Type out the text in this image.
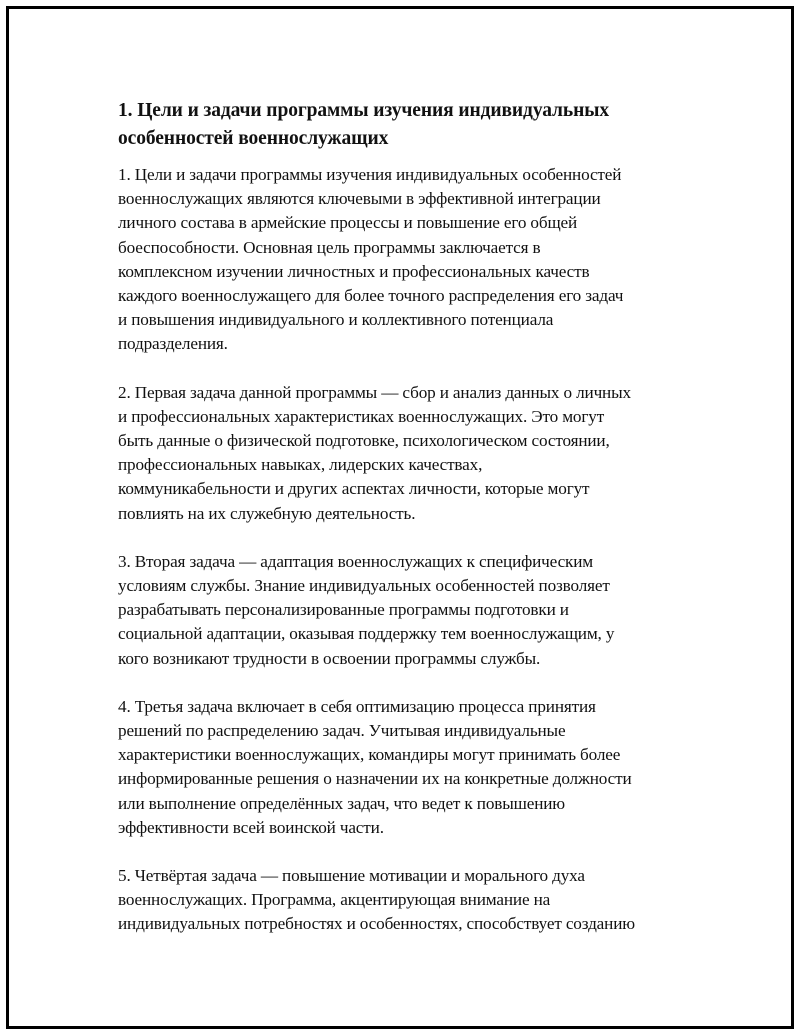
1. Цели и задачи программы изучения индивидуальных
особенностей военнослужащих

1. Цели и задачи программы изучения индивидуальных особенностей
военнослужащих являются ключевыми в эффективной интеграции
личного состава в армейские процессы и повышение его общей
боеспособности. Основная цель программы заключается в
комплексном изучении личностных и профессиональных качеств
каждого военнослужащего для более точного распределения его задач
и повышения индивидуального и коллективного потенциала
подразделения.

2. Первая задача данной программы — сбор и анализ данных о личных
и профессиональных характеристиках военнослужащих. Это могут
быть данные о физической подготовке, психологическом состоянии,
профессиональных навыках, лидерских качествах,
коммуникабельности и других аспектах личности, которые могут
повлиять на их служебную деятельность.

3. Вторая задача — адаптация военнослужащих к специфическим
условиям службы. Знание индивидуальных особенностей позволяет
разрабатывать персонализированные программы подготовки и
социальной адаптации, оказывая поддержку тем военнослужащим, у
кого возникают трудности в освоении программы службы.

4. Третья задача включает в себя оптимизацию процесса принятия
решений по распределению задач. Учитывая индивидуальные
характеристики военнослужащих, командиры могут принимать более
информированные решения о назначении их на конкретные должности
или выполнение определённых задач, что ведет к повышению
эффективности всей воинской части.

5. Четвёртая задача — повышение мотивации и морального духа
военнослужащих. Программа, акцентирующая внимание на
индивидуальных потребностях и особенностях, способствует созданию
